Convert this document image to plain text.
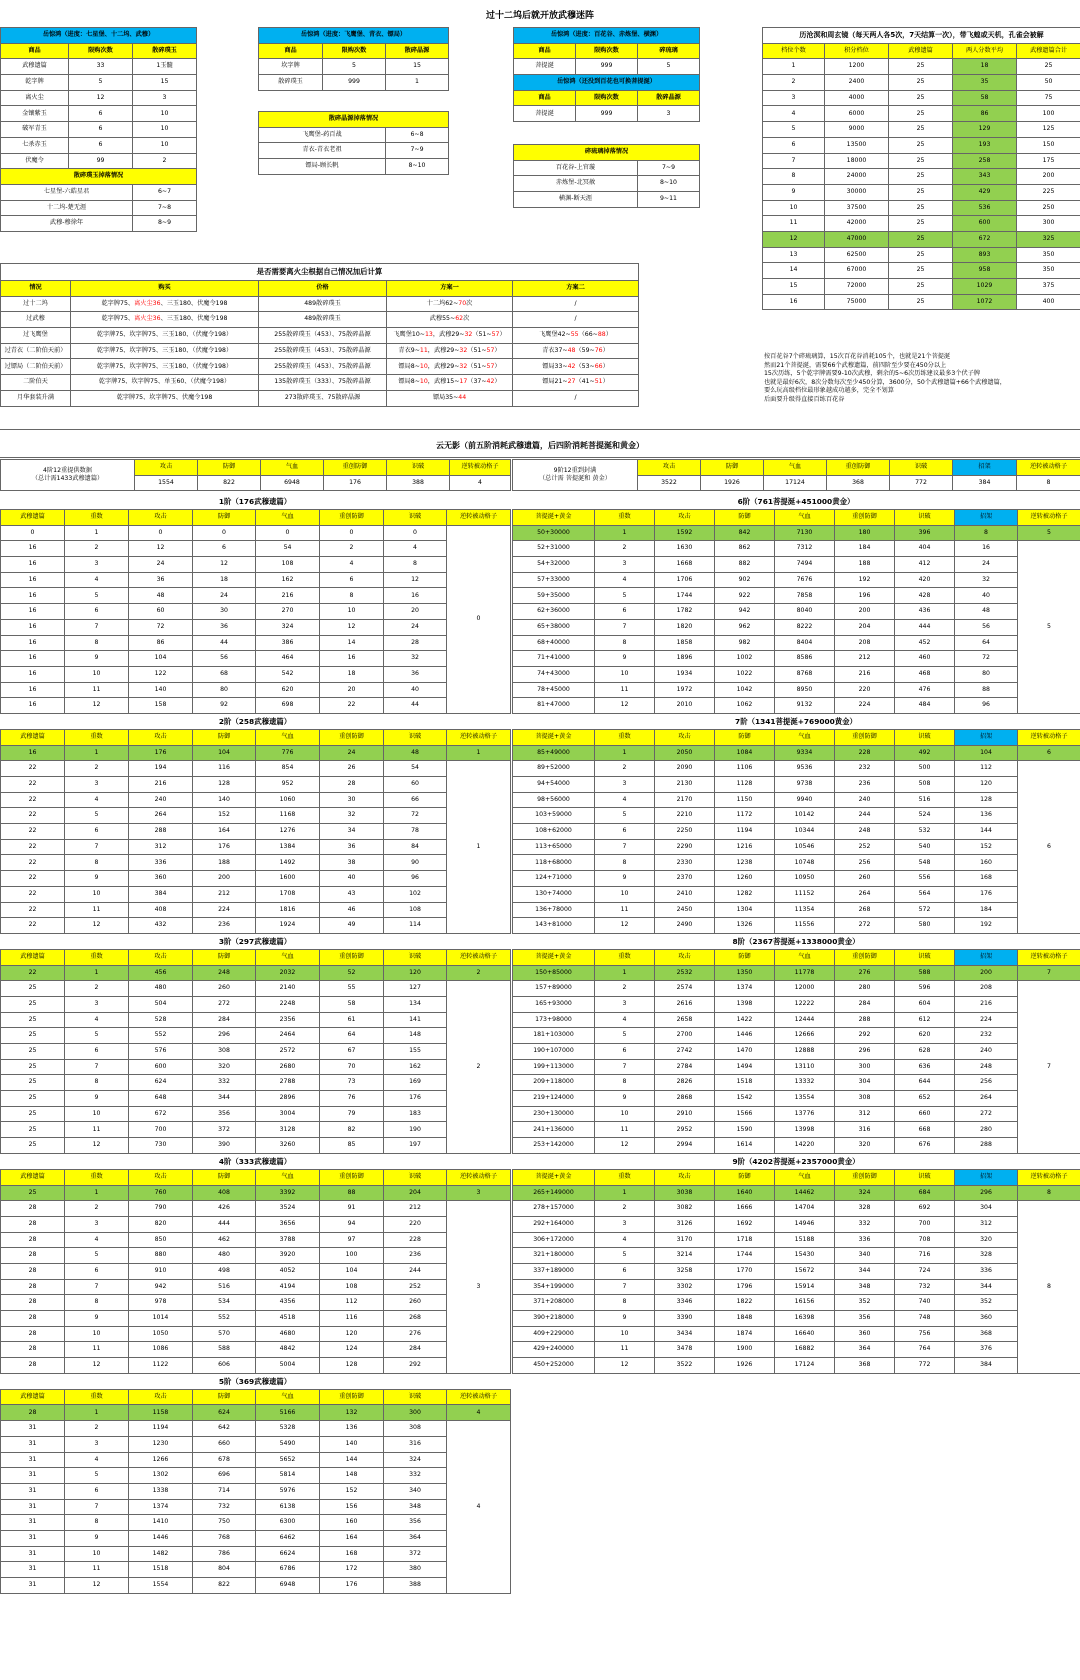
过十二坞后就开放武穆迷阵
岳惊鸿（进度：七星堡、十二坞、武穆）		
商品	限购次数	散碎璞玉
武穆遗篇	33	1玉髓
乾字牌	5	15
离火尘	12	3
金镶紫玉	6	10
破军青玉	6	10
七杀赤玉	6	10
伏魔令	99	2
散碎璞玉掉落情况		
七星堡-六皓星君		6~7
十二坞-楚无涯		7~8
武穆-穆徐年		8~9
岳惊鸿（进度：飞鹰堡、青衣、镖局）		
商品	限购次数	散碎晶源
坎字牌	5	15
散碎璞玉	999	1
散碎晶源掉落情况	
飞鹰堡-药百战	6~8
青衣-青衣老祖	7~9
镖局-顾长帆	8~10
岳惊鸿（进度：百花谷、赤炼堡、横渊）		
商品	限购次数	碎琉璃
菩提涎	999	5
岳惊鸿（还没到百花也可换菩提涎）		
商品	限购次数	散碎晶源
菩提涎	999	3
碎琉璃掉落情况	
百花谷-上官璇	7~9
赤炼堡-北冥赦	8~10
横渊-断天涯	9~11
历沧溟和周玄镜（每天两人各5次，7天结算一次），带飞蝗或天机，孔雀会被解				
档位个数	积分档位	武穆遗篇	两人分数平均	武穆遗篇合计
1	1200	25	18	25
2	2400	25	35	50
3	4000	25	58	75
4	6000	25	86	100
5	9000	25	129	125
6	13500	25	193	150
7	18000	25	258	175
8	24000	25	343	200
9	30000	25	429	225
10	37500	25	536	250
11	42000	25	600	300
12	47000	25	672	325
13	62500	25	893	350
14	67000	25	958	350
15	72000	25	1029	375
16	75000	25	1072	400
按百花谷7个碎琉璃算，15次百花谷消耗105个，也就是21个菩提涎
然而21个菩提涎，需要66个武穆遗篇，前四阶至少要在450分以上
15次历练，5个乾字牌需要9-10次武穆，剩余的5~6次历练建议最多3个伏子牌
也就是最好6次，8次分数每次至少450分算，3600分，50个武穆遗篇+66个武穆遗篇，
要么玩高级档位最形象越成功越多，完全不划算
后面要升级得直接百练百花谷
是否需要离火尘根据自己情况加后计算				
情况	购买	价格	方案一	方案二
过十二坞	乾字牌75、离火尘36、三玉180、伏魔令198	489散碎璞玉	十二坞62~70次	/
过武穆	乾字牌75、离火尘36、三玉180、伏魔令198	489散碎璞玉	武穆55~62次	/
过飞鹰堡	乾字牌75、坎字牌75、三玉180、（伏魔令198）	255散碎璞玉（453）、75散碎晶源	飞鹰堡10~13，武穆29~32（51~57）	飞鹰堡42~55（66~88）
过青衣（二阶伯天前）	乾字牌75、坎字牌75、三玉180、（伏魔令198）	255散碎璞玉（453）、75散碎晶源	青衣9~11，武穆29~32（51~57）	青衣37~48（59~76）
过镖局（二阶伯天前）	乾字牌75、坎字牌75、三玉180、（伏魔令198）	255散碎璞玉（453）、75散碎晶源	镖局8~10，武穆29~32（51~57）	镖局33~42（53~66）
二阶伯天	乾字牌75、坎字牌75、单玉60、（伏魔令198）	135散碎璞玉（333）、75散碎晶源	镖局8~10，武穆15~17（37~42）	镖局21~27（41~51）
月华套装升满	乾字牌75、坎字牌75、伏魔令198	273散碎璞玉、75散碎晶源	镖局35~44	/
云无影（前五阶消耗武穆遗篇，后四阶消耗菩提涎和黄金）
4阶12重提供数据
（总计需1433武穆遗篇）	攻击	防御	气血	重创防御	识破	逆转被动格子
	1554	822	6948	176	388	4
9阶12重到封满
（总计需 菩提涎和 黄金）	攻击	防御	气血	重创防御	识破	招架	逆转被动格子
	3522	1926	17124	368	772	384	8
1阶（176武穆遗篇）
武穆遗篇	重数	攻击	防御	气血	重创防御	识破	逆转被动格子
0	1	0	0	0	0	0	0
16	2	12	6	54	2	4	
16	3	24	12	108	4	8	
16	4	36	18	162	6	12	
16	5	48	24	216	8	16	
16	6	60	30	270	10	20	
16	7	72	36	324	12	24	
16	8	86	44	386	14	28	
16	9	104	56	464	16	32	
16	10	122	68	542	18	36	
16	11	140	80	620	20	40	
16	12	158	92	698	22	44	
2阶（258武穆遗篇）
武穆遗篇	重数	攻击	防御	气血	重创防御	识破	逆转被动格子
16	1	176	104	776	24	48	1
22	2	194	116	854	26	54	1
22	3	216	128	952	28	60	
22	4	240	140	1060	30	66	
22	5	264	152	1168	32	72	
22	6	288	164	1276	34	78	
22	7	312	176	1384	36	84	
22	8	336	188	1492	38	90	
22	9	360	200	1600	40	96	
22	10	384	212	1708	43	102	
22	11	408	224	1816	46	108	
22	12	432	236	1924	49	114	
3阶（297武穆遗篇）
武穆遗篇	重数	攻击	防御	气血	重创防御	识破	逆转被动格子
22	1	456	248	2032	52	120	2
25	2	480	260	2140	55	127	2
25	3	504	272	2248	58	134	
25	4	528	284	2356	61	141	
25	5	552	296	2464	64	148	
25	6	576	308	2572	67	155	
25	7	600	320	2680	70	162	
25	8	624	332	2788	73	169	
25	9	648	344	2896	76	176	
25	10	672	356	3004	79	183	
25	11	700	372	3128	82	190	
25	12	730	390	3260	85	197	
4阶（333武穆遗篇）
武穆遗篇	重数	攻击	防御	气血	重创防御	识破	逆转被动格子
25	1	760	408	3392	88	204	3
28	2	790	426	3524	91	212	3
28	3	820	444	3656	94	220	
28	4	850	462	3788	97	228	
28	5	880	480	3920	100	236	
28	6	910	498	4052	104	244	
28	7	942	516	4194	108	252	
28	8	978	534	4356	112	260	
28	9	1014	552	4518	116	268	
28	10	1050	570	4680	120	276	
28	11	1086	588	4842	124	284	
28	12	1122	606	5004	128	292	
5阶（369武穆遗篇）
武穆遗篇	重数	攻击	防御	气血	重创防御	识破	逆转被动格子
28	1	1158	624	5166	132	300	4
31	2	1194	642	5328	136	308	4
31	3	1230	660	5490	140	316	
31	4	1266	678	5652	144	324	
31	5	1302	696	5814	148	332	
31	6	1338	714	5976	152	340	
31	7	1374	732	6138	156	348	
31	8	1410	750	6300	160	356	
31	9	1446	768	6462	164	364	
31	10	1482	786	6624	168	372	
31	11	1518	804	6786	172	380	
31	12	1554	822	6948	176	388	
6阶（761菩提涎+451000黄金）
菩提涎+黄金	重数	攻击	防御	气血	重创防御	识破	招架	逆转被动格子
50+30000	1	1592	842	7130	180	396	8	5
52+31000	2	1630	862	7312	184	404	16	5
54+32000	3	1668	882	7494	188	412	24	
57+33000	4	1706	902	7676	192	420	32	
59+35000	5	1744	922	7858	196	428	40	
62+36000	6	1782	942	8040	200	436	48	
65+38000	7	1820	962	8222	204	444	56	
68+40000	8	1858	982	8404	208	452	64	
71+41000	9	1896	1002	8586	212	460	72	
74+43000	10	1934	1022	8768	216	468	80	
78+45000	11	1972	1042	8950	220	476	88	
81+47000	12	2010	1062	9132	224	484	96	
7阶（1341菩提涎+769000黄金）
菩提涎+黄金	重数	攻击	防御	气血	重创防御	识破	招架	逆转被动格子
85+49000	1	2050	1084	9334	228	492	104	6
89+52000	2	2090	1106	9536	232	500	112	6
94+54000	3	2130	1128	9738	236	508	120	
98+56000	4	2170	1150	9940	240	516	128	
103+59000	5	2210	1172	10142	244	524	136	
108+62000	6	2250	1194	10344	248	532	144	
113+65000	7	2290	1216	10546	252	540	152	
118+68000	8	2330	1238	10748	256	548	160	
124+71000	9	2370	1260	10950	260	556	168	
130+74000	10	2410	1282	11152	264	564	176	
136+78000	11	2450	1304	11354	268	572	184	
143+81000	12	2490	1326	11556	272	580	192	
8阶（2367菩提涎+1338000黄金）
菩提涎+黄金	重数	攻击	防御	气血	重创防御	识破	招架	逆转被动格子
150+85000	1	2532	1350	11778	276	588	200	7
157+89000	2	2574	1374	12000	280	596	208	7
165+93000	3	2616	1398	12222	284	604	216	
173+98000	4	2658	1422	12444	288	612	224	
181+103000	5	2700	1446	12666	292	620	232	
190+107000	6	2742	1470	12888	296	628	240	
199+113000	7	2784	1494	13110	300	636	248	
209+118000	8	2826	1518	13332	304	644	256	
219+124000	9	2868	1542	13554	308	652	264	
230+130000	10	2910	1566	13776	312	660	272	
241+136000	11	2952	1590	13998	316	668	280	
253+142000	12	2994	1614	14220	320	676	288	
9阶（4202菩提涎+2357000黄金）
菩提涎+黄金	重数	攻击	防御	气血	重创防御	识破	招架	逆转被动格子
265+149000	1	3038	1640	14462	324	684	296	8
278+157000	2	3082	1666	14704	328	692	304	8
292+164000	3	3126	1692	14946	332	700	312	
306+172000	4	3170	1718	15188	336	708	320	
321+180000	5	3214	1744	15430	340	716	328	
337+189000	6	3258	1770	15672	344	724	336	
354+199000	7	3302	1796	15914	348	732	344	
371+208000	8	3346	1822	16156	352	740	352	
390+218000	9	3390	1848	16398	356	748	360	
409+229000	10	3434	1874	16640	360	756	368	
429+240000	11	3478	1900	16882	364	764	376	
450+252000	12	3522	1926	17124	368	772	384	
